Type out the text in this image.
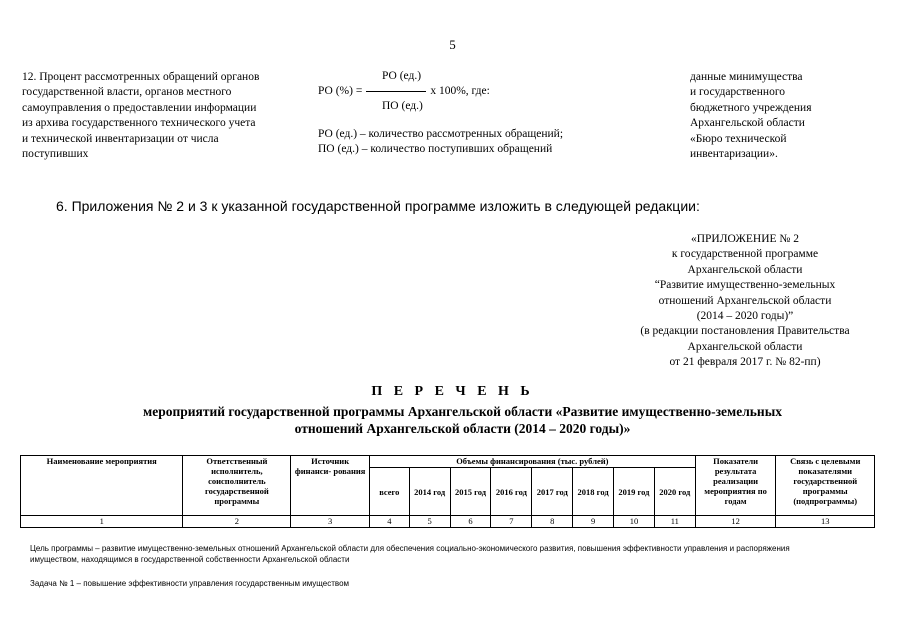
5
12. Процент рассмотренных обращений органов
государственной власти, органов местного
самоуправления о предоставлении информации
из архива государственного технического учета
и технической инвентаризации от числа
поступивших
РО (ед.)
РО (%) =	х 100%, где:
ПО (ед.)
РО (ед.) – количество рассмотренных обращений;
ПО (ед.) – количество поступивших обращений
данные минимущества
и государственного
бюджетного учреждения
Архангельской области
«Бюро технической
инвентаризации».
6. Приложения № 2 и 3 к указанной государственной программе изложить в следующей редакции:
«ПРИЛОЖЕНИЕ № 2
к государственной программе
Архангельской области
“Развитие имущественно-земельных
отношений Архангельской области
(2014 – 2020 годы)”
(в редакции постановления Правительства
Архангельской области
от 21 февраля 2017 г. № 82-пп)
П Е Р Е Ч Е Н Ь
мероприятий государственной программы Архангельской области «Развитие имущественно-земельных
отношений Архангельской области (2014 – 2020 годы)»
Наименование мероприятия	Ответственный исполнитель, соисполнитель государственной программы	Источник финанси- рования	Объемы финансирования (тыс. рублей)								Показатели результата реализации мероприятия по годам	Связь с целевыми показателями государственной программы (подпрограммы)
			всего	2014 год	2015 год	2016 год	2017 год	2018 год	2019 год	2020 год		
1	2	3	4	5	6	7	8	9	10	11	12	13
Цель программы – развитие имущественно-земельных отношений Архангельской области для обеспечения социально-экономического развития, повышения эффективности управления и распоряжения
имуществом, находящимся в государственной собственности Архангельской области
Задача № 1 – повышение эффективности управления государственным имуществом
